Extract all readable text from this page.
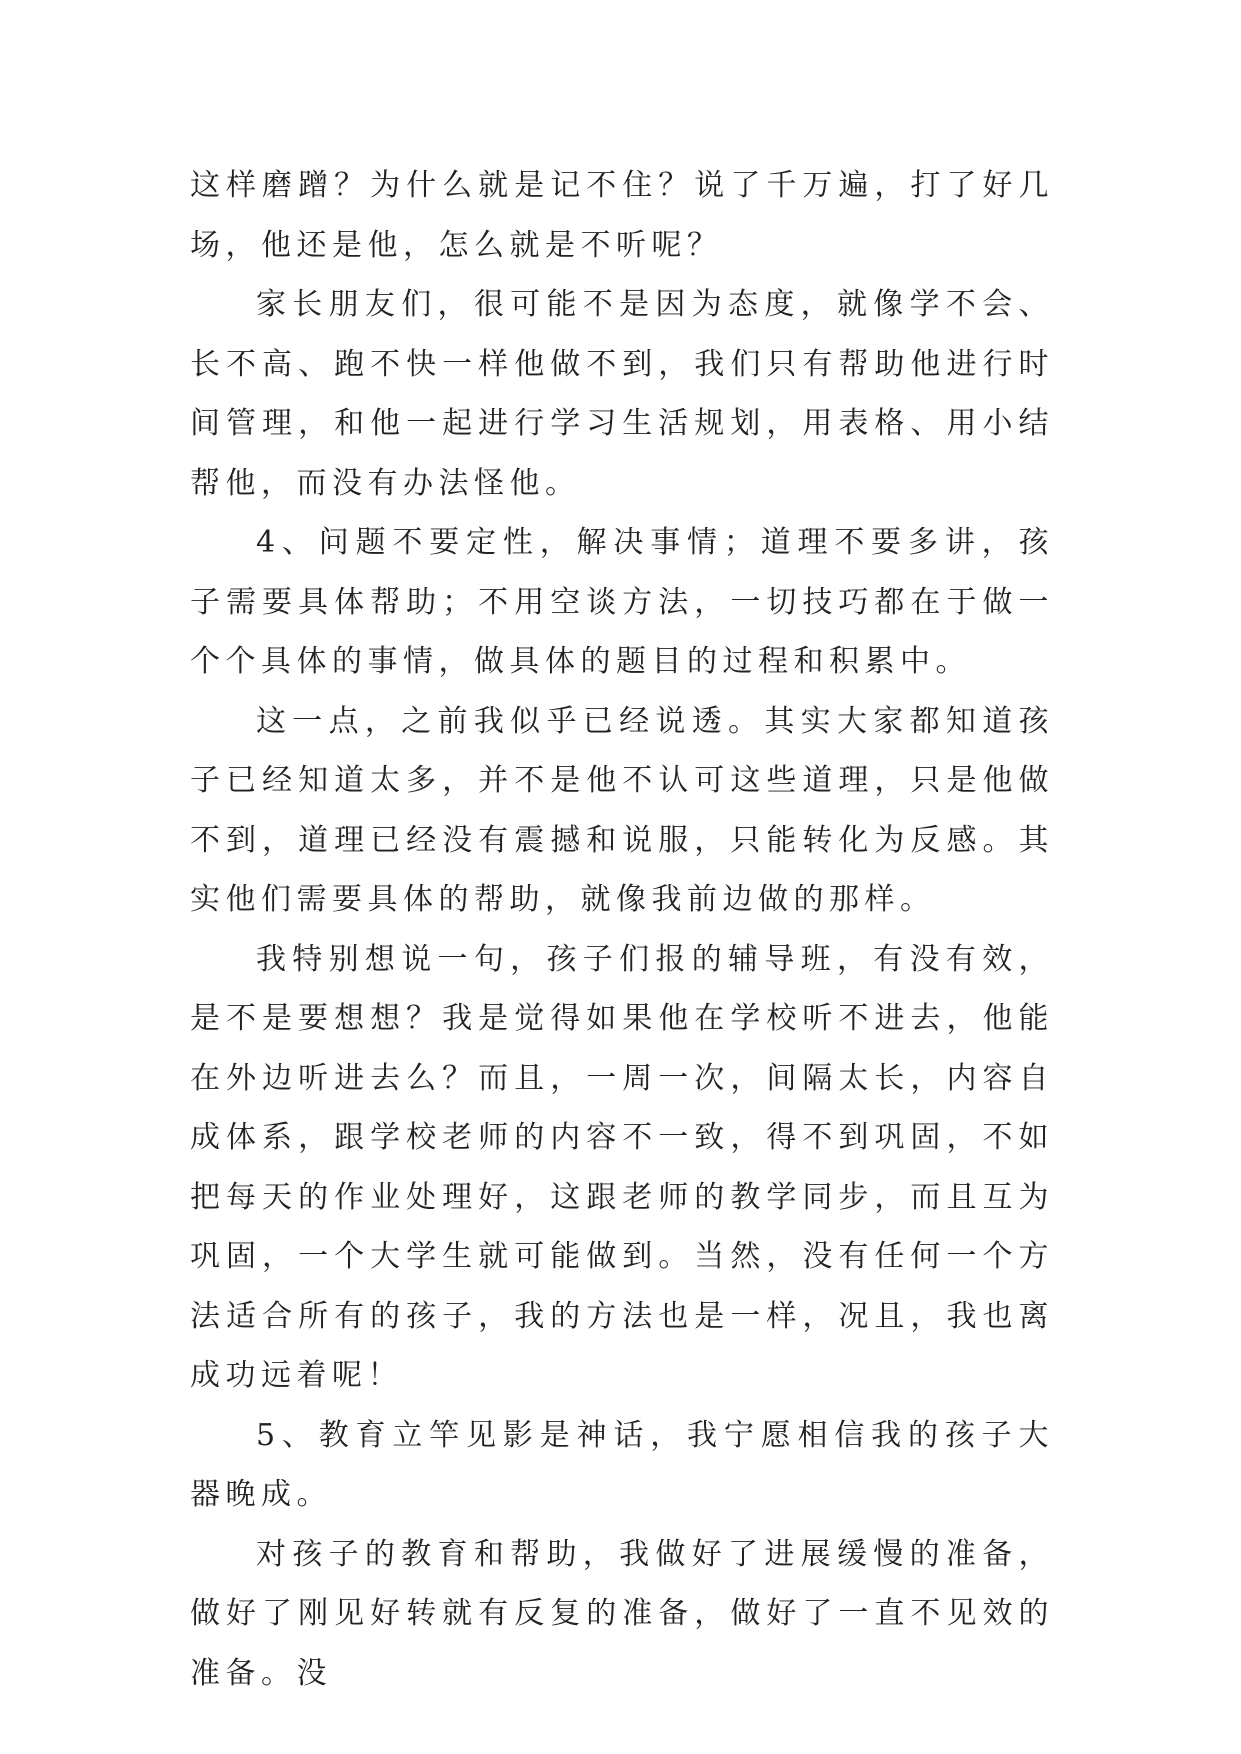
这样磨蹭？为什么就是记不住？说了千万遍，打了好几场，他还是他，怎么就是不听呢？

家长朋友们，很可能不是因为态度，就像学不会、长不高、跑不快一样他做不到，我们只有帮助他进行时间管理，和他一起进行学习生活规划，用表格、用小结帮他，而没有办法怪他。

4、问题不要定性，解决事情；道理不要多讲，孩子需要具体帮助；不用空谈方法，一切技巧都在于做一个个具体的事情，做具体的题目的过程和积累中。

这一点，之前我似乎已经说透。其实大家都知道孩子已经知道太多，并不是他不认可这些道理，只是他做不到，道理已经没有震撼和说服，只能转化为反感。其实他们需要具体的帮助，就像我前边做的那样。

我特别想说一句，孩子们报的辅导班，有没有效，是不是要想想？我是觉得如果他在学校听不进去，他能在外边听进去么？而且，一周一次，间隔太长，内容自成体系，跟学校老师的内容不一致，得不到巩固，不如把每天的作业处理好，这跟老师的教学同步，而且互为巩固，一个大学生就可能做到。当然，没有任何一个方法适合所有的孩子，我的方法也是一样，况且，我也离成功远着呢！

5、教育立竿见影是神话，我宁愿相信我的孩子大器晚成。

对孩子的教育和帮助，我做好了进展缓慢的准备，做好了刚见好转就有反复的准备，做好了一直不见效的准备。没
